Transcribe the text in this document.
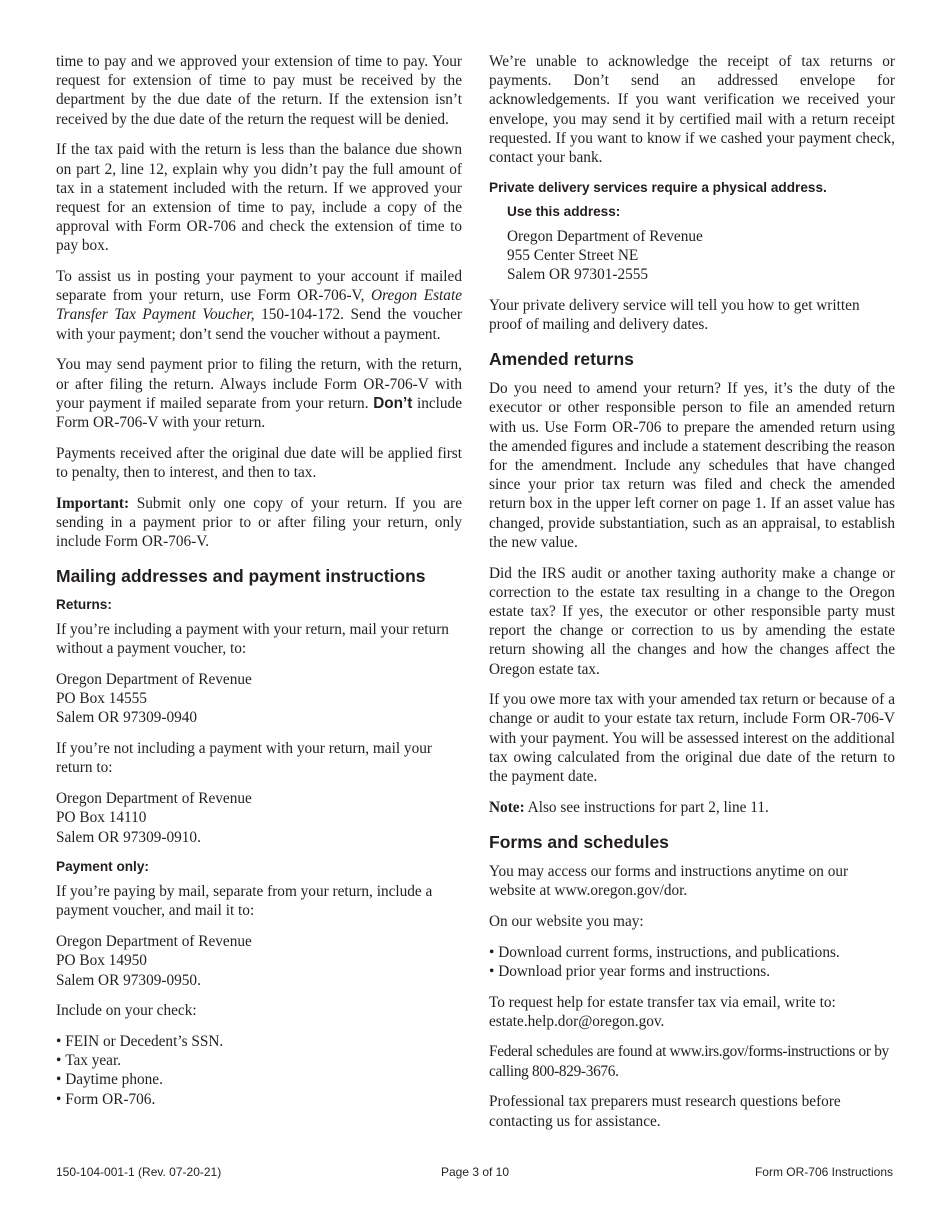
time to pay and we approved your extension of time to pay. Your request for extension of time to pay must be received by the department by the due date of the return. If the extension isn’t received by the due date of the return the request will be denied.

If the tax paid with the return is less than the balance due shown on part 2, line 12, explain why you didn’t pay the full amount of tax in a statement included with the return. If we approved your request for an extension of time to pay, include a copy of the approval with Form OR-706 and check the extension of time to pay box.

To assist us in posting your payment to your account if mailed separate from your return, use Form OR-706-V, Oregon Estate Transfer Tax Payment Voucher, 150-104-172. Send the voucher with your payment; don’t send the voucher without a payment.

You may send payment prior to filing the return, with the return, or after filing the return. Always include Form OR-706-V with your payment if mailed separate from your return. Don’t include Form OR-706-V with your return.

Payments received after the original due date will be applied first to penalty, then to interest, and then to tax.

Important: Submit only one copy of your return. If you are sending in a payment prior to or after filing your return, only include Form OR-706-V.

Mailing addresses and payment instructions
Returns:

If you’re including a payment with your return, mail your return without a payment voucher, to:

Oregon Department of Revenue
PO Box 14555
Salem OR 97309-0940

If you’re not including a payment with your return, mail your return to:

Oregon Department of Revenue
PO Box 14110
Salem OR 97309-0910.
Payment only:

If you’re paying by mail, separate from your return, include a payment voucher, and mail it to:

Oregon Department of Revenue
PO Box 14950
Salem OR 97309-0950.

Include on your check:

• FEIN or Decedent’s SSN.
• Tax year.
• Daytime phone.
• Form OR-706.

We’re unable to acknowledge the receipt of tax returns or payments. Don’t send an addressed envelope for acknowledgements. If you want verification we received your envelope, you may send it by certified mail with a return receipt requested. If you want to know if we cashed your payment check, contact your bank.

Private delivery services require a physical address.
Use this address:
Oregon Department of Revenue
955 Center Street NE
Salem OR 97301-2555

Your private delivery service will tell you how to get written proof of mailing and delivery dates.

Amended returns

Do you need to amend your return? If yes, it’s the duty of the executor or other responsible person to file an amended return with us. Use Form OR-706 to prepare the amended return using the amended figures and include a statement describing the reason for the amendment. Include any schedules that have changed since your prior tax return was filed and check the amended return box in the upper left corner on page 1. If an asset value has changed, provide substantiation, such as an appraisal, to establish the new value.

Did the IRS audit or another taxing authority make a change or correction to the estate tax resulting in a change to the Oregon estate tax? If yes, the executor or other responsible party must report the change or correction to us by amending the estate return showing all the changes and how the changes affect the Oregon estate tax.

If you owe more tax with your amended tax return or because of a change or audit to your estate tax return, include Form OR-706-V with your payment. You will be assessed interest on the additional tax owing calculated from the original due date of the return to the payment date.

Note: Also see instructions for part 2, line 11.

Forms and schedules

You may access our forms and instructions anytime on our website at www.oregon.gov/dor.

On our website you may:

• Download current forms, instructions, and publications.
• Download prior year forms and instructions.

To request help for estate transfer tax via email, write to: estate.help.dor@oregon.gov.

Federal schedules are found at www.irs.gov/forms-instructions or by calling 800-829-3676.

Professional tax preparers must research questions before contacting us for assistance.

150-104-001-1 (Rev. 07-20-21)	Page 3 of 10	Form OR-706 Instructions
